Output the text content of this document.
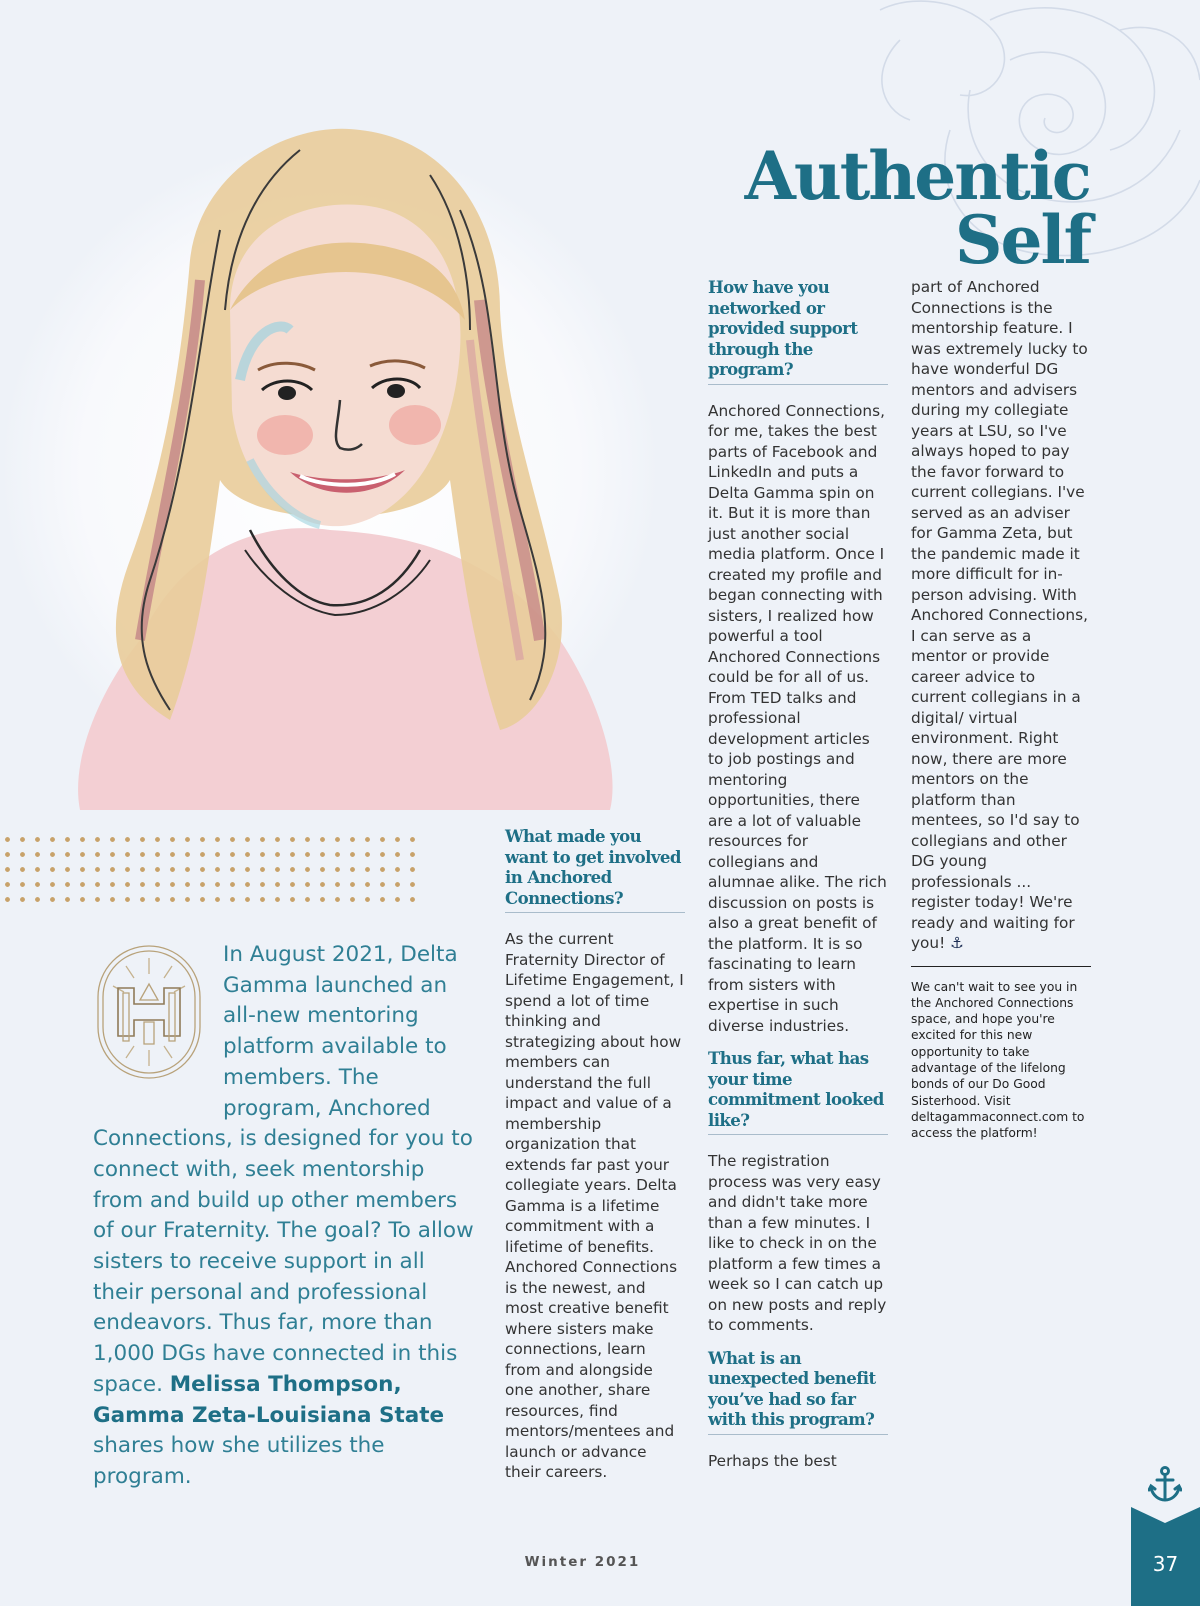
Authentic
Self
In August 2021, Delta Gamma launched an all-new mentoring platform available to members. The program, Anchored Connections, is designed for you to connect with, seek mentorship from and build up other members of our Fraternity. The goal? To allow sisters to receive support in all their personal and professional endeavors. Thus far, more than 1,000 DGs have connected in this space. Melissa Thompson, Gamma Zeta-Louisiana State shares how she utilizes the program.
What made you want to get involved in Anchored Connections?
As the current Fraternity Director of Lifetime Engagement, I spend a lot of time thinking and strategizing about how members can understand the full impact and value of a membership organization that extends far past your collegiate years. Delta Gamma is a lifetime commitment with a lifetime of benefits. Anchored Connections is the newest, and most creative benefit where sisters make connections, learn from and alongside one another, share resources, find mentors/mentees and launch or advance their careers.
How have you networked or provided support through the program?
Anchored Connections, for me, takes the best parts of Facebook and LinkedIn and puts a Delta Gamma spin on it. But it is more than just another social media platform. Once I created my profile and began connecting with sisters, I realized how powerful a tool Anchored Connections could be for all of us. From TED talks and professional development articles to job postings and mentoring opportunities, there are a lot of valuable resources for collegians and alumnae alike. The rich discussion on posts is also a great benefit of the platform. It is so fascinating to learn from sisters with expertise in such diverse industries.
Thus far, what has your time commitment looked like?
The registration process was very easy and didn't take more than a few minutes. I like to check in on the platform a few times a week so I can catch up on new posts and reply to comments.
What is an unexpected benefit you’ve had so far with this program?
Perhaps the best
part of Anchored Connections is the mentorship feature. I was extremely lucky to have wonderful DG mentors and advisers during my collegiate years at LSU, so I've always hoped to pay the favor forward to current collegians. I've served as an adviser for Gamma Zeta, but the pandemic made it more difficult for in-person advising. With Anchored Connections, I can serve as a mentor or provide career advice to current collegians in a digital/ virtual environment. Right now, there are more mentors on the platform than mentees, so I'd say to collegians and other DG young professionals ... register today! We're ready and waiting for you! ⚓
We can't wait to see you in the Anchored Connections space, and hope you're excited for this new opportunity to take advantage of the lifelong bonds of our Do Good Sisterhood. Visit deltagammaconnect.com to access the platform!
Winter 2021	37
